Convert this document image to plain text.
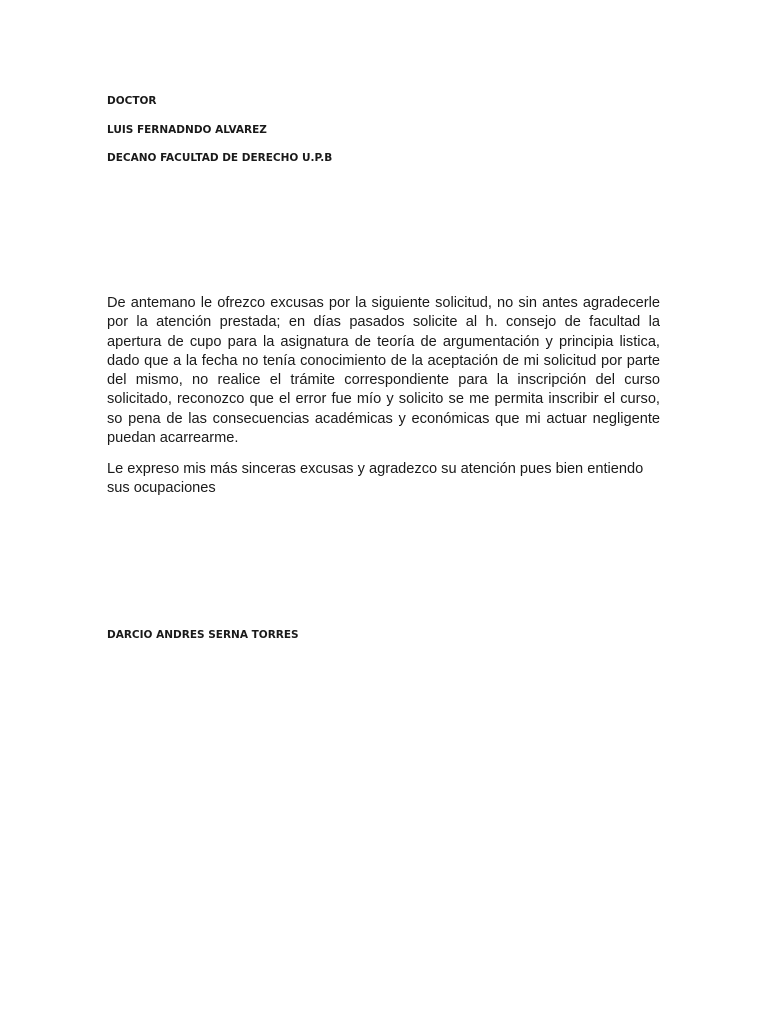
DOCTOR
LUIS FERNADNDO ALVAREZ
DECANO FACULTAD DE DERECHO U.P.B

De antemano le ofrezco excusas por la siguiente solicitud, no sin antes agradecerle por la atención prestada; en días pasados solicite al h. consejo de facultad la apertura de cupo para la asignatura de teoría de argumentación y principia listica, dado que a la fecha no tenía conocimiento de la aceptación de mi solicitud por parte del mismo, no realice el trámite correspondiente para la inscripción del curso solicitado, reconozco que el error fue mío y solicito se me permita inscribir el curso, so pena de las consecuencias académicas y económicas que mi actuar negligente puedan acarrearme.

Le expreso mis más sinceras excusas y agradezco su atención pues bien entiendo sus ocupaciones

DARCIO ANDRES SERNA TORRES
